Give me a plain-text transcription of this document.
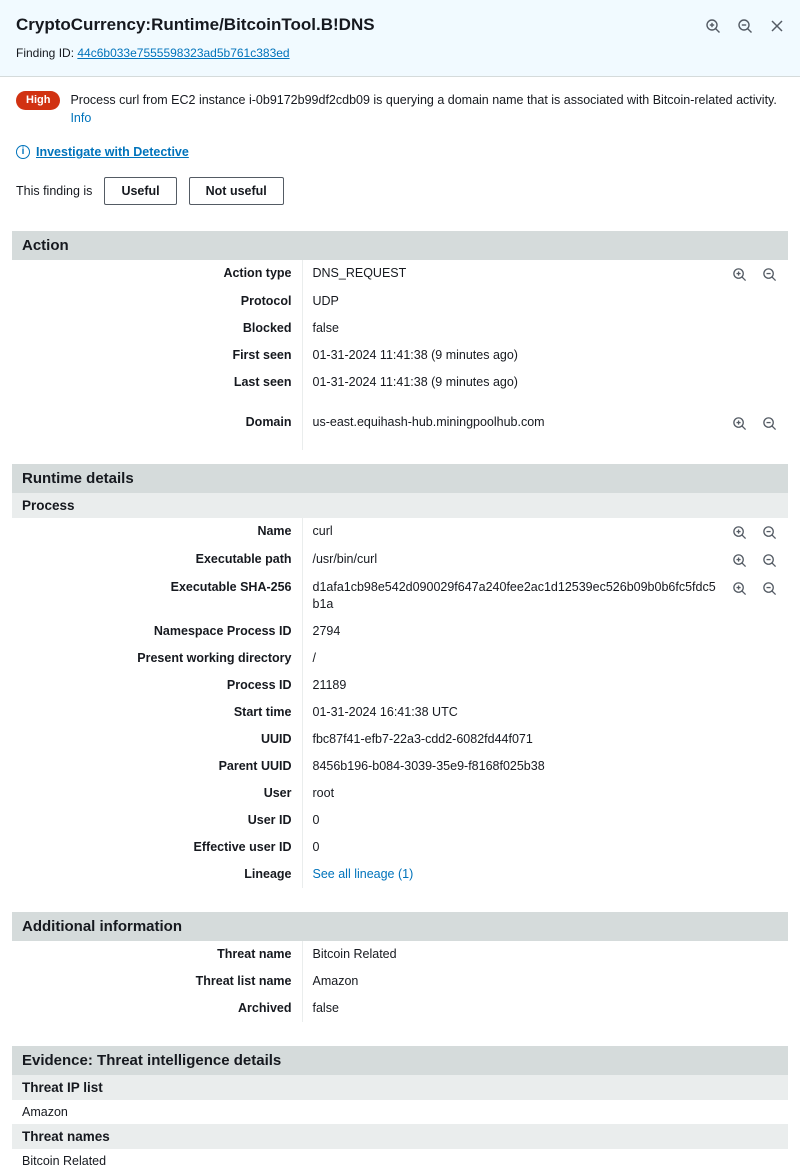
CryptoCurrency:Runtime/BitcoinTool.B!DNS
Finding ID: 44c6b033e7555598323ad5b761c383ed
High	Process curl from EC2 instance i-0b9172b99df2cdb09 is querying a domain name that is associated with Bitcoin-related activity. Info
i Investigate with Detective
This finding is	Useful	Not useful
Action
Action type	DNS_REQUEST	

Protocol	UDP	
Blocked	false	
First seen	01-31-2024 11:41:38 (9 minutes ago)	
Last seen	01-31-2024 11:41:38 (9 minutes ago)	
Domain	us-east.equihash-hub.miningpoolhub.com	

Runtime details
Process
Name	curl	

Executable path	/usr/bin/curl	

Executable SHA-256	d1afa1cb98e542d090029f647a240fee2ac1d12539ec526b09b0b6fc5fdc5b1a	

Namespace Process ID	2794	
Present working directory	/	
Process ID	21189	
Start time	01-31-2024 16:41:38 UTC	
UUID	fbc87f41-efb7-22a3-cdd2-6082fd44f071	
Parent UUID	8456b196-b084-3039-35e9-f8168f025b38	
User	root	
User ID	0	
Effective user ID	0	
Lineage	See all lineage (1)	
Additional information
Threat name	Bitcoin Related	
Threat list name	Amazon	
Archived	false	
Evidence: Threat intelligence details
Threat IP list
Amazon
Threat names
Bitcoin Related
